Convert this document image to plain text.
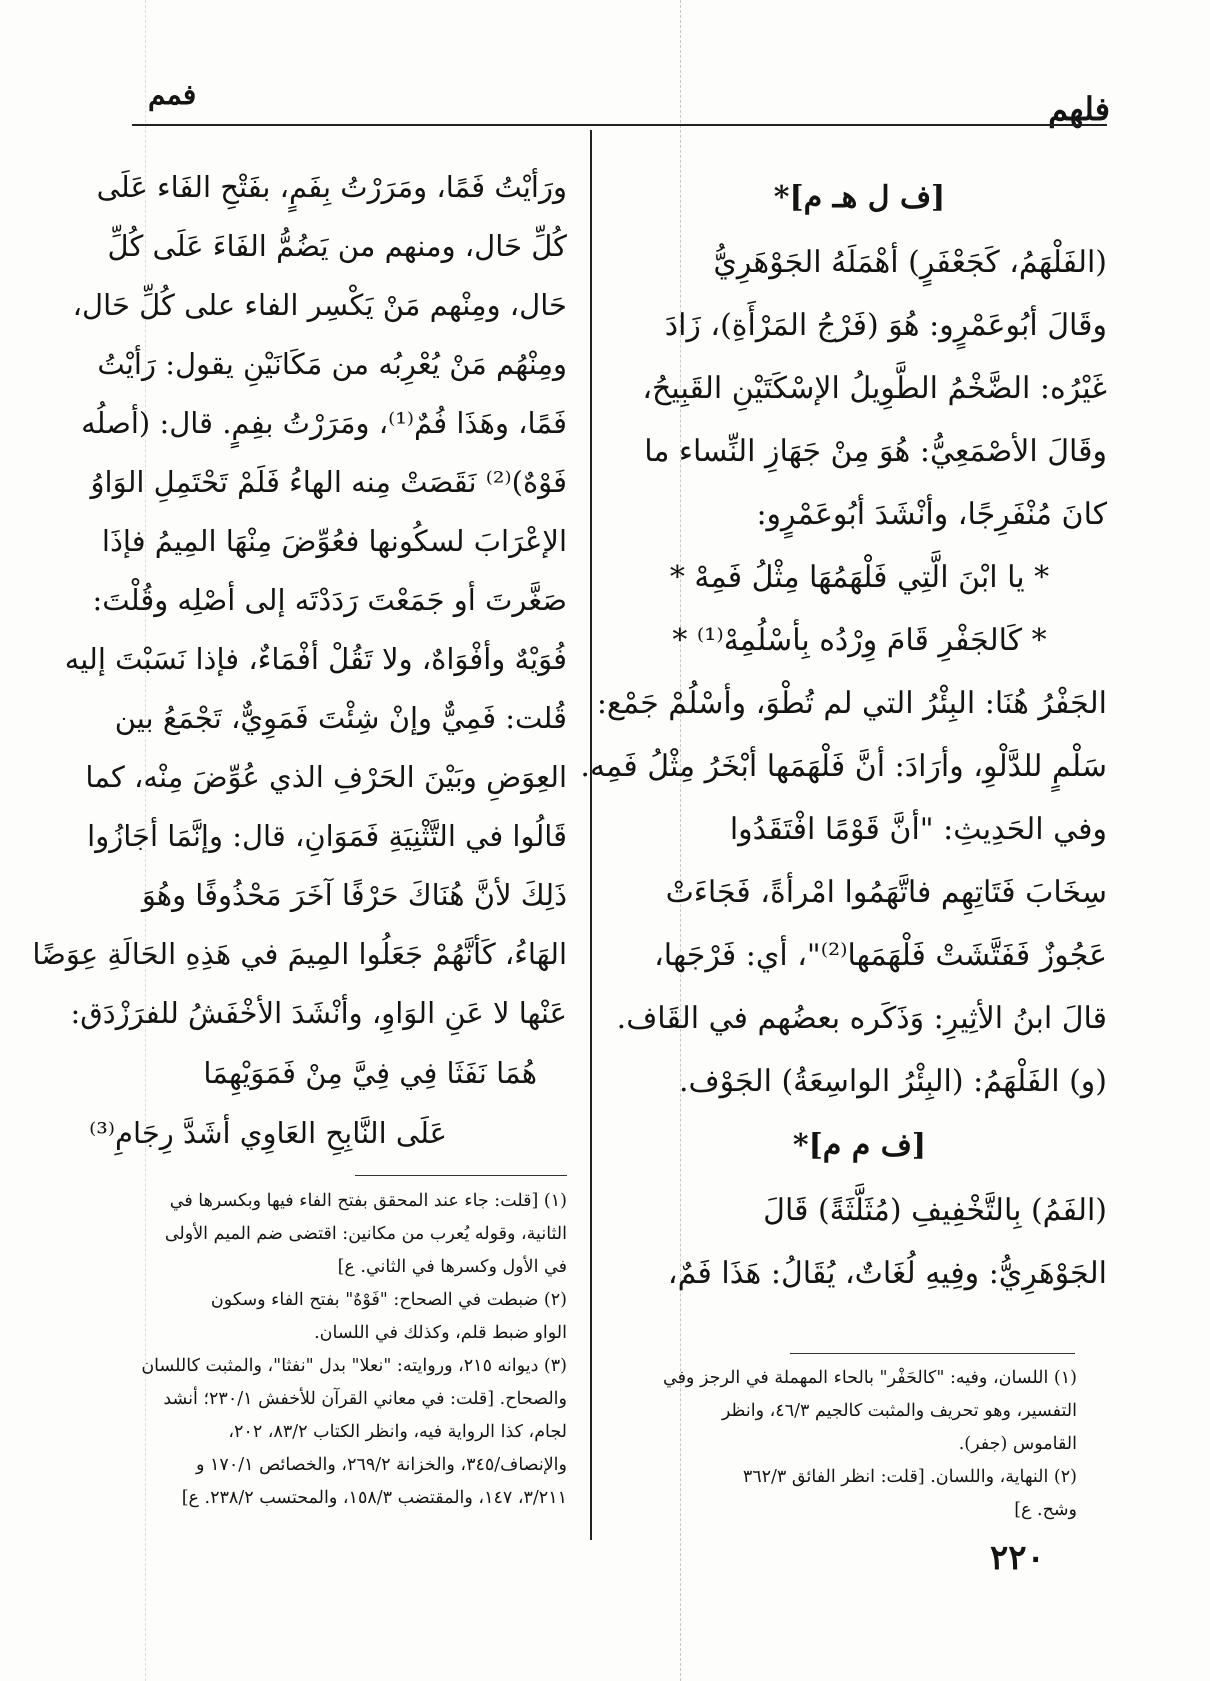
فمم	فلهم
[ف ل هـ م]*
(الفَلْهَمُ، كَجَعْفَرٍ) أهْمَلَهُ الجَوْهَرِيُّ
وقَالَ أبُوعَمْرٍو: هُوَ (فَرْجُ المَرْأَةِ)، زَادَ
غَيْرُه: الضَّخْمُ الطَّوِيلُ الإسْكَتَيْنِ القَبِيحُ،
وقَالَ الأصْمَعِيُّ: هُوَ مِنْ جَهَازِ النِّساء ما
كانَ مُنْفَرِجًا، وأنْشَدَ أبُوعَمْرٍو:
* يا ابْنَ الَّتِي فَلْهَمُهَا مِثْلُ فَمِهْ *
* كَالجَفْرِ قَامَ وِرْدُه بِأسْلُمِهْ⁽¹⁾ *
الجَفْرُ هُنَا: البِئْرُ التي لم تُطْوَ، وأسْلُمْ جَمْع:
سَلْمٍ للدَّلْوِ، وأرَادَ: أنَّ فَلْهَمَها أبْخَرُ مِثْلُ فَمِه.
وفي الحَدِيثِ: "أنَّ قَوْمًا افْتَقَدُوا
سِخَابَ فَتَاتِهِم فاتَّهَمُوا امْرأةً، فَجَاءَتْ
عَجُوزٌ فَفَتَّشَتْ فَلْهَمَها⁽²⁾"، أي: فَرْجَها،
قالَ ابنُ الأثِيرِ: وَذَكَره بعضُهم في القَاف.
(و) الفَلْهَمُ: (البِئْرُ الواسِعَةُ) الجَوْف.
[ف م م]*
(الفَمُ) بِالتَّخْفِيفِ (مُثَلَّثَةً) قَالَ
الجَوْهَرِيُّ: وفِيهِ لُغَاتٌ، يُقَالُ: هَذَا فَمٌ،
ورَأيْتُ فَمًا، ومَرَرْتُ بِفَمٍ، بفَتْحِ الفَاء عَلَى
كُلِّ حَال، ومنهم من يَضُمُّ الفَاءَ عَلَى كُلِّ
حَال، ومِنْهم مَنْ يَكْسِر الفاء على كُلِّ حَال،
ومِنْهُم مَنْ يُعْرِبُه من مَكَانَيْنِ يقول: رَأيْتُ
فَمًا، وهَذَا فُمٌ⁽¹⁾، ومَرَرْتُ بفِمٍ. قال: (أصلُه
فَوْهٌ)⁽²⁾ نَقَصَتْ مِنه الهاءُ فَلَمْ تَحْتَمِلِ الوَاوُ
الإعْرَابَ لسكُونها فعُوِّضَ مِنْهَا المِيمُ فإذَا
صَغَّرتَ أو جَمَعْتَ رَدَدْتَه إلى أصْلِه وقُلْتَ:
فُوَيْهٌ وأفْوَاهٌ، ولا تَقُلْ أفْمَاءٌ، فإذا نَسَبْتَ إليه
قُلت: فَمِيٌّ وإنْ شِئْتَ فَمَوِيٌّ، تَجْمَعُ بين
العِوَضِ وبَيْنَ الحَرْفِ الذي عُوِّضَ مِنْه، كما
قَالُوا في التَّثْنِيَةِ فَمَوَانِ، قال: وإنَّمَا أجَازُوا
ذَلِكَ لأنَّ هُنَاكَ حَرْفًا آخَرَ مَحْذُوفًا وهُوَ
الهَاءُ، كَأنَّهُمْ جَعَلُوا المِيمَ في هَذِهِ الحَالَةِ عِوَضًا
عَنْها لا عَنِ الوَاوِ، وأنْشَدَ الأخْفَشُ للفرَزْدَق:
هُمَا نَفَثَا فِي فِيَّ مِنْ فَمَوَيْهِمَا
عَلَى النَّابِحِ العَاوِي أشَدَّ رِجَامِ⁽³⁾
(١) [قلت: جاء عند المحقق بفتح الفاء فيها وبكسرها في
الثانية، وقوله يُعرب من مكانين: اقتضى ضم الميم الأولى
في الأول وكسرها في الثاني. ع]
(٢) ضبطت في الصحاح: "فَوْهٌ" بفتح الفاء وسكون
الواو ضبط قلم، وكذلك في اللسان.
(٣) ديوانه ٢١٥، وروايته: "نعلا" بدل "نفثا"، والمثبت كاللسان
والصحاح. [قلت: في معاني القرآن للأخفش ٢٣٠/١؛ أنشد
لجام، كذا الرواية فيه، وانظر الكتاب ٨٣/٢، ٢٠٢،
والإنصاف/٣٤٥، والخزانة ٢٦٩/٢، والخصائص ١٧٠/١ و
٣/٢١١، ١٤٧، والمقتضب ١٥٨/٣، والمحتسب ٢٣٨/٢. ع]
(١) اللسان، وفيه: "كالحَفْر" بالحاء المهملة في الرجز وفي
التفسير، وهو تحريف والمثبت كالجيم ٤٦/٣، وانظر
القاموس (جفر).
(٢) النهاية، واللسان. [قلت: انظر الفائق ٣٦٢/٣
وشح. ع]
٢٢٠
